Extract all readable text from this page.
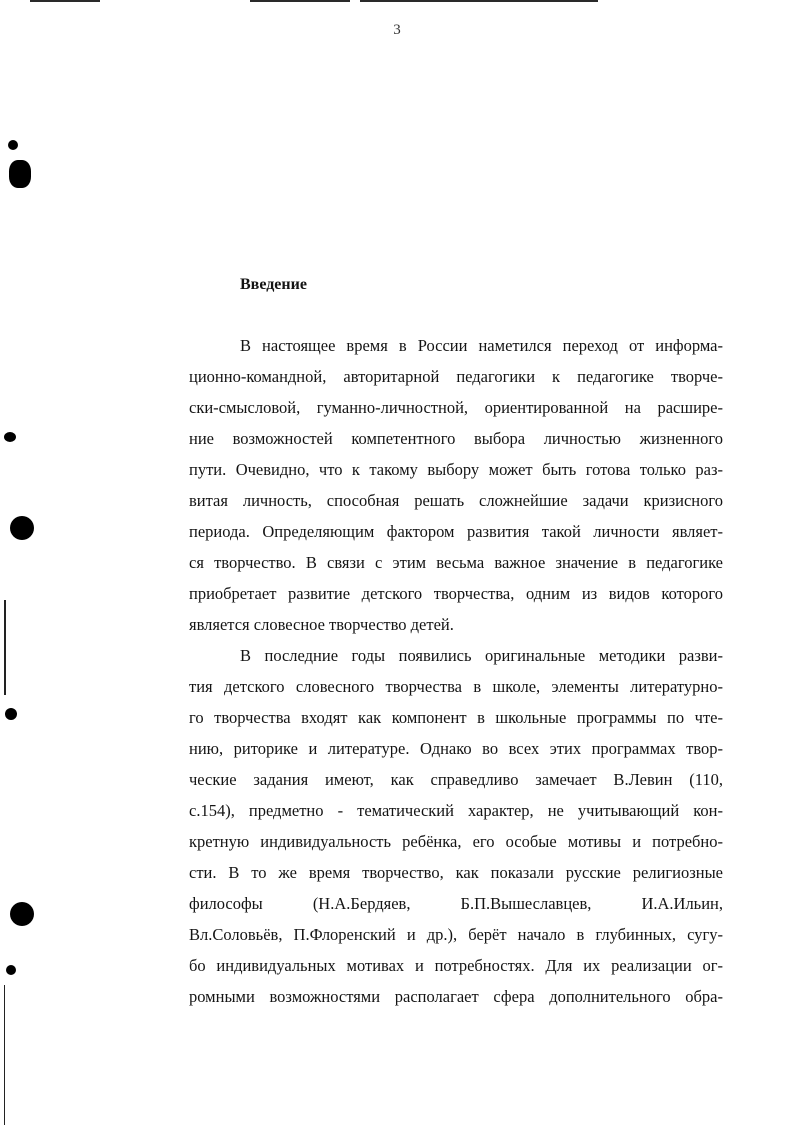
3
Введение
В настоящее время в России наметился переход от информа-
ционно-командной, авторитарной педагогики к педагогике творче-
ски-смысловой, гуманно-личностной, ориентированной на расшире-
ние возможностей компетентного выбора личностью жизненного
пути. Очевидно, что к такому выбору может быть готова только раз-
витая личность, способная решать сложнейшие задачи кризисного
периода. Определяющим фактором развития такой личности являет-
ся творчество. В связи с этим весьма важное значение в педагогике
приобретает развитие детского творчества, одним из видов которого
является словесное творчество детей.
В последние годы появились оригинальные методики разви-
тия детского словесного творчества в школе, элементы литературно-
го творчества входят как компонент в школьные программы по чте-
нию, риторике и литературе. Однако во всех этих программах твор-
ческие задания имеют, как справедливо замечает В.Левин (110,
с.154), предметно - тематический характер, не учитывающий кон-
кретную индивидуальность ребёнка, его особые мотивы и потребно-
сти. В то же время творчество, как показали русские религиозные
философы (Н.А.Бердяев, Б.П.Вышеславцев, И.А.Ильин,
Вл.Соловьёв, П.Флоренский и др.), берёт начало в глубинных, сугу-
бо индивидуальных мотивах и потребностях. Для их реализации ог-
ромными возможностями располагает сфера дополнительного обра-
